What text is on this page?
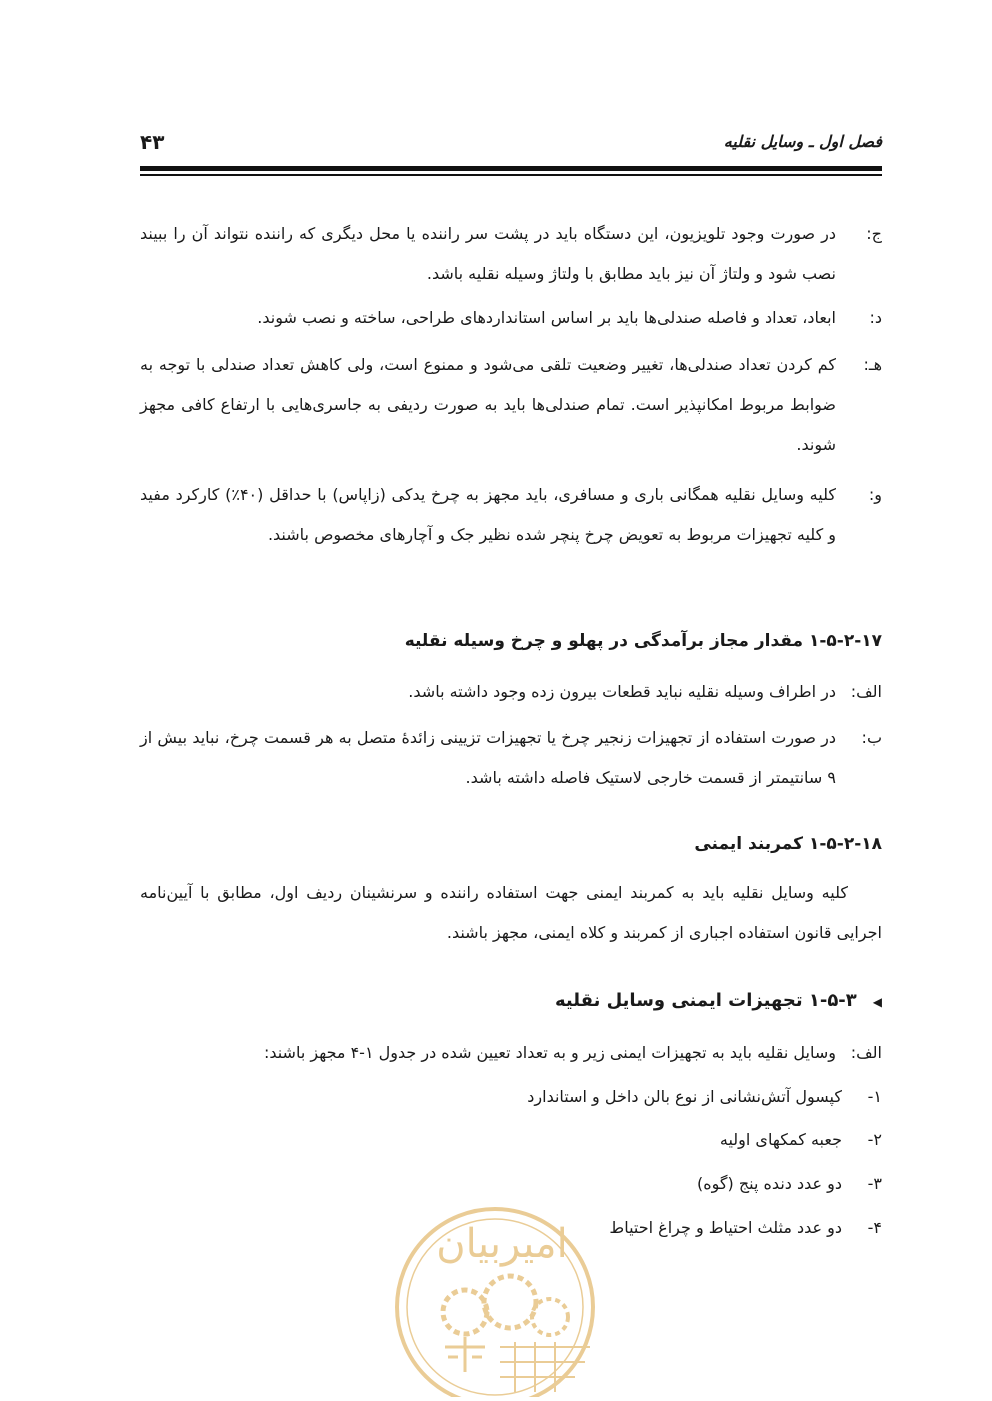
فصل اول ـ وسایل نقلیه
۴۳
ج:
در صورت وجود تلویزیون، این دستگاه باید در پشت سر راننده یا محل دیگری که راننده نتواند آن را ببیند نصب شود و ولتاژ آن نیز باید مطابق با ولتاژ وسیله نقلیه باشد.
د:
ابعاد، تعداد و فاصله صندلی‌ها باید بر اساس استانداردهای طراحی، ساخته و نصب شوند.
هـ:
کم کردن تعداد صندلی‌ها، تغییر وضعیت تلقی می‌شود و ممنوع است، ولی کاهش تعداد صندلی با توجه به ضوابط مربوط امکانپذیر است. تمام صندلی‌ها باید به صورت ردیفی به جاسری‌هایی با ارتفاع کافی مجهز شوند.
و:
کلیه وسایل نقلیه همگانی باری و مسافری، باید مجهز به چرخ یدکی (زاپاس) با حداقل (۴۰٪) کارکرد مفید و کلیه تجهیزات مربوط به تعویض چرخ پنچر شده نظیر جک و آچارهای مخصوص باشند.
۱-۵-۲-۱۷ مقدار مجاز برآمدگی در پهلو و چرخ وسیله نقلیه
الف:
در اطراف وسیله نقلیه نباید قطعات بیرون زده وجود داشته باشد.
ب:
در صورت استفاده از تجهیزات زنجیر چرخ یا تجهیزات تزیینی زائدهٔ متصل به هر قسمت چرخ، نباید بیش از ۹ سانتیمتر از قسمت خارجی لاستیک فاصله داشته باشد.
۱-۵-۲-۱۸ کمربند ایمنی
کلیه وسایل نقلیه باید به کمربند ایمنی جهت استفاده راننده و سرنشینان ردیف اول، مطابق با آیین‌نامه اجرایی قانون استفاده اجباری از کمربند و کلاه ایمنی، مجهز باشند.
◀۱-۵-۳ تجهیزات ایمنی وسایل نقلیه
الف:
وسایل نقلیه باید به تجهیزات ایمنی زیر و به تعداد تعیین شده در جدول ۱-۴ مجهز باشند:
۱-کپسول آتش‌نشانی از نوع بالن داخل و استاندارد
۲-جعبه کمکهای اولیه
۳-دو عدد دنده پنج (گوه)
۴-دو عدد مثلث احتیاط و چراغ احتیاط
امیربیان
